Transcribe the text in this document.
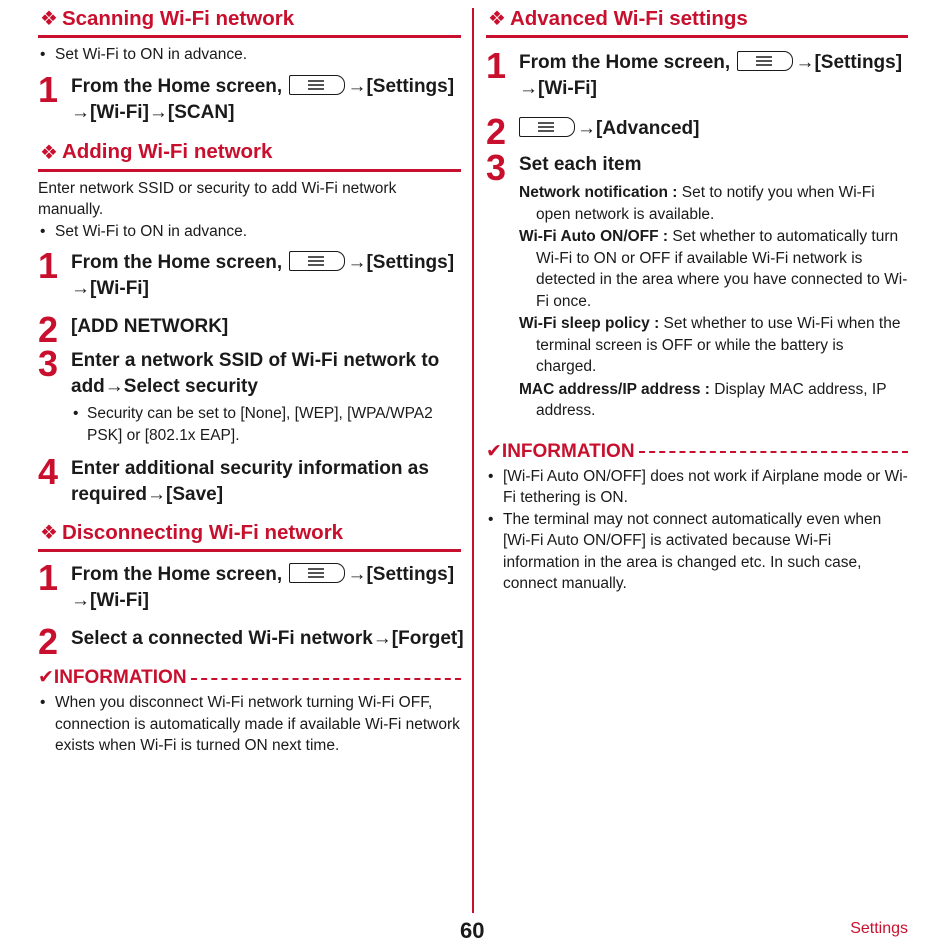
❖ Scanning Wi-Fi network
• Set Wi-Fi to ON in advance.
1 From the Home screen,	→[Settings]
→[Wi-Fi]→[SCAN]
❖ Adding Wi-Fi network
Enter network SSID or security to add Wi-Fi network manually.
• Set Wi-Fi to ON in advance.
1 From the Home screen,	→[Settings]
→[Wi-Fi]
2 [ADD NETWORK]
3 Enter a network SSID of Wi-Fi network to add→Select security
• Security can be set to [None], [WEP], [WPA/WPA2 PSK] or [802.1x EAP].
4 Enter additional security information as required→[Save]
❖ Disconnecting Wi-Fi network
1 From the Home screen,	→[Settings]
→[Wi-Fi]
2 Select a connected Wi-Fi network→[Forget]
✔INFORMATION
• When you disconnect Wi-Fi network turning Wi-Fi OFF, connection is automatically made if available Wi-Fi network exists when Wi-Fi is turned ON next time.
❖ Advanced Wi-Fi settings
1 From the Home screen,	→[Settings]
→[Wi-Fi]
2	→[Advanced]
3 Set each item
Network notification : Set to notify you when Wi-Fi open network is available.
Wi-Fi Auto ON/OFF : Set whether to automatically turn Wi-Fi to ON or OFF if available Wi-Fi network is detected in the area where you have connected to Wi-Fi once.
Wi-Fi sleep policy : Set whether to use Wi-Fi when the terminal screen is OFF or while the battery is charged.
MAC address/IP address : Display MAC address, IP address.
✔INFORMATION
• [Wi-Fi Auto ON/OFF] does not work if Airplane mode or Wi-Fi tethering is ON.
• The terminal may not connect automatically even when [Wi-Fi Auto ON/OFF] is activated because Wi-Fi information in the area is changed etc. In such case, connect manually.
60	Settings
